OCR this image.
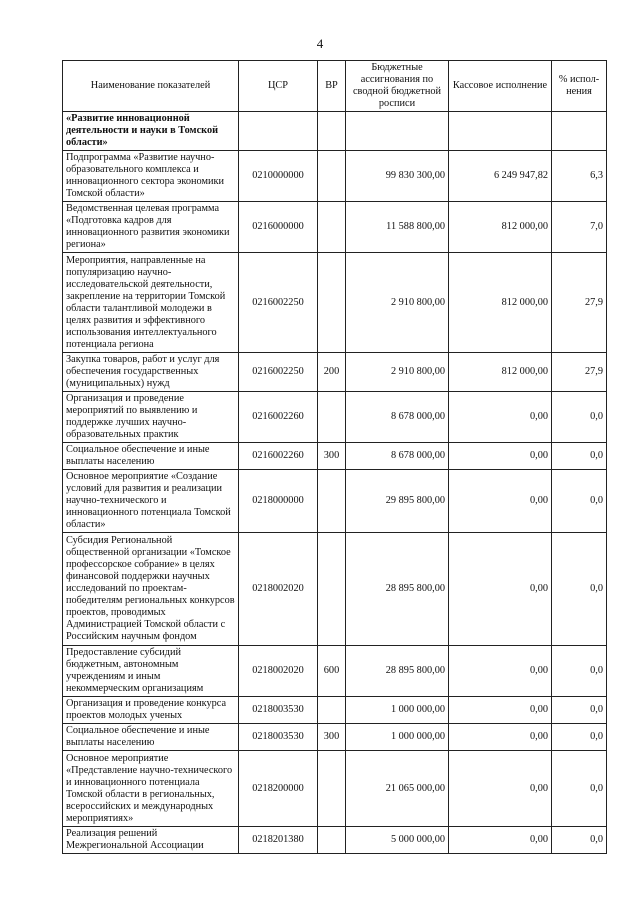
4
Наименование показателей	ЦСР	ВР	Бюджетные ассигнования по сводной бюджетной росписи	Кассовое исполнение	% испол-нения
«Развитие инновационной деятельности и науки в Томской области»					
Подпрограмма «Развитие научно-образовательного комплекса и инновационного сектора экономики Томской области»	0210000000		99 830 300,00	6 249 947,82	6,3
Ведомственная целевая программа «Подготовка кадров для инновационного развития экономики региона»	0216000000		11 588 800,00	812 000,00	7,0
Мероприятия, направленные на популяризацию научно-исследовательской деятельности, закрепление на территории Томской области талантливой молодежи в целях развития и эффективного использования интеллектуального потенциала региона	0216002250		2 910 800,00	812 000,00	27,9
Закупка товаров, работ и услуг для обеспечения государственных (муниципальных) нужд	0216002250	200	2 910 800,00	812 000,00	27,9
Организация и проведение мероприятий по выявлению и поддержке лучших научно-образовательных практик	0216002260		8 678 000,00	0,00	0,0
Социальное обеспечение и иные выплаты населению	0216002260	300	8 678 000,00	0,00	0,0
Основное мероприятие «Создание условий для развития и реализации научно-технического и инновационного потенциала Томской области»	0218000000		29 895 800,00	0,00	0,0
Субсидия Региональной общественной организации «Томское профессорское собрание» в целях финансовой поддержки научных исследований по проектам-победителям региональных конкурсов проектов, проводимых Администрацией Томской области с Российским научным фондом	0218002020		28 895 800,00	0,00	0,0
Предоставление субсидий бюджетным, автономным учреждениям и иным некоммерческим организациям	0218002020	600	28 895 800,00	0,00	0,0
Организация и проведение конкурса проектов молодых ученых	0218003530		1 000 000,00	0,00	0,0
Социальное обеспечение и иные выплаты населению	0218003530	300	1 000 000,00	0,00	0,0
Основное мероприятие «Представление научно-технического и инновационного потенциала Томской области в региональных, всероссийских и международных мероприятиях»	0218200000		21 065 000,00	0,00	0,0
Реализация решений Межрегиональной Ассоциации	0218201380		5 000 000,00	0,00	0,0
